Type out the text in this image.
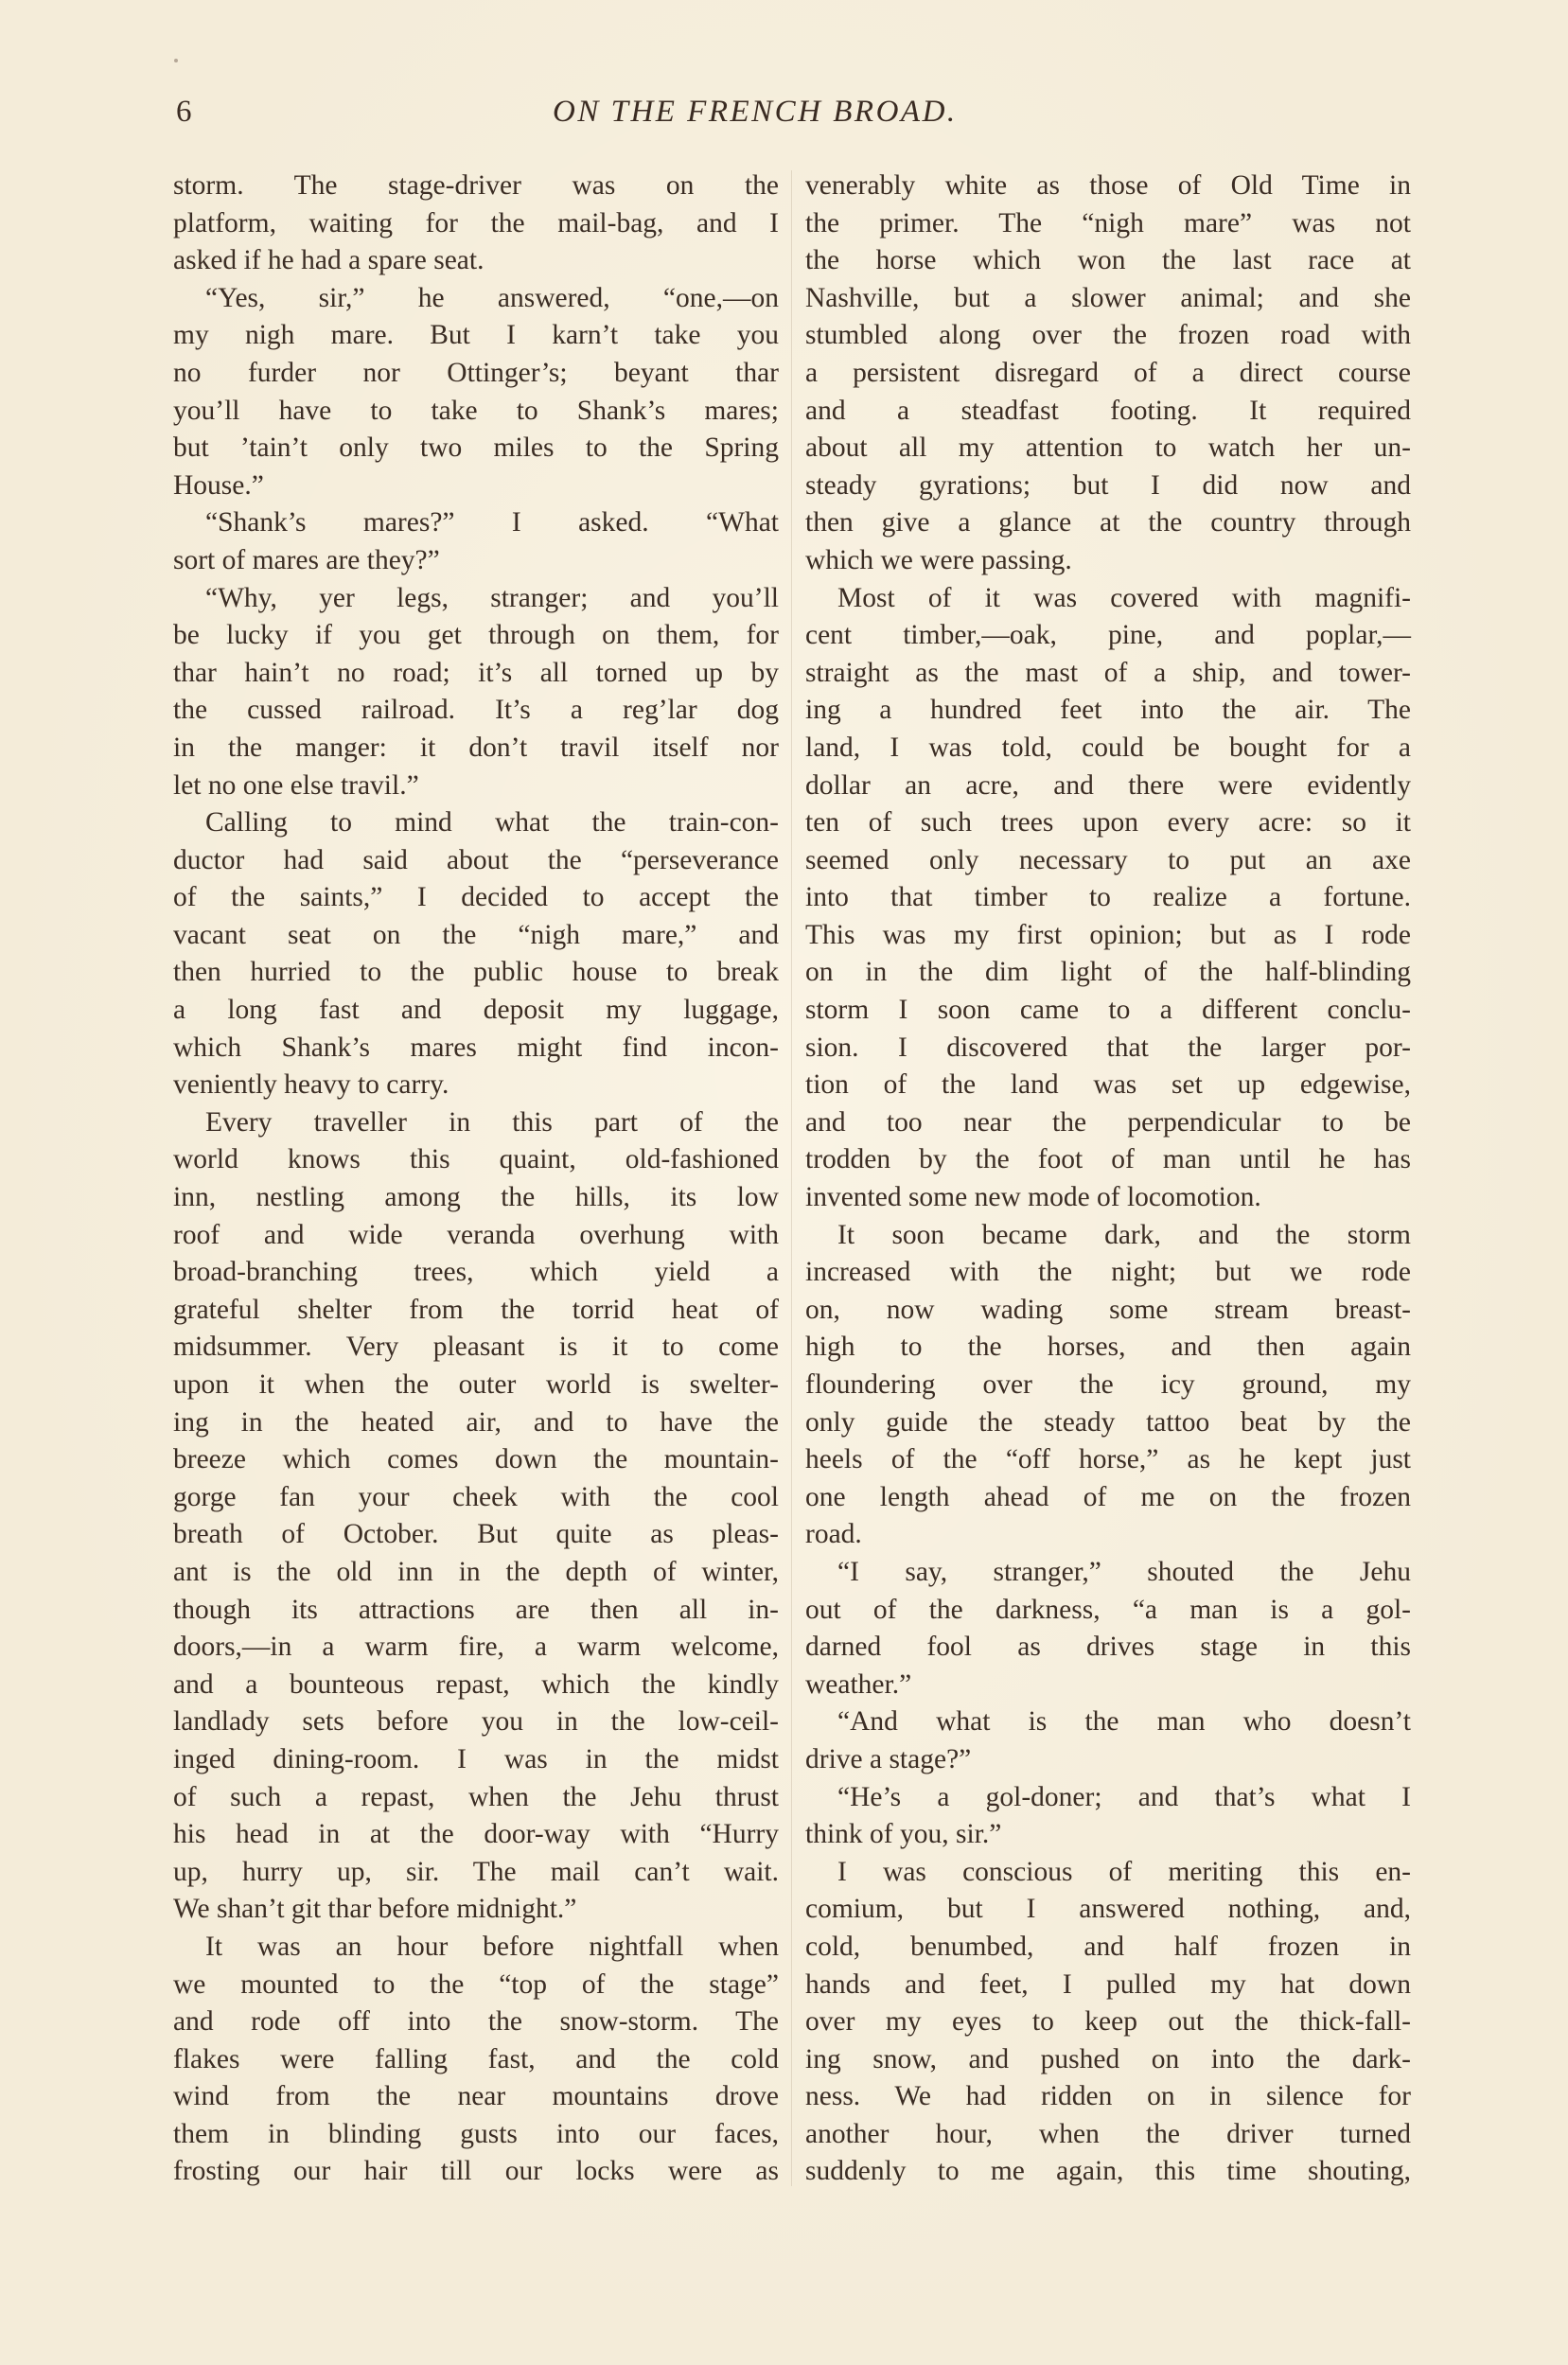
6	ON THE FRENCH BROAD.
storm. The stage-driver was on the
platform, waiting for the mail-bag, and I
asked if he had a spare seat.
“Yes, sir,” he answered, “one,—on
my nigh mare. But I karn’t take you
no furder nor Ottinger’s; beyant thar
you’ll have to take to Shank’s mares;
but ’tain’t only two miles to the Spring
House.”
“Shank’s mares?” I asked. “What
sort of mares are they?”
“Why, yer legs, stranger; and you’ll
be lucky if you get through on them, for
thar hain’t no road; it’s all torned up by
the cussed railroad. It’s a reg’lar dog
in the manger: it don’t travil itself nor
let no one else travil.”
Calling to mind what the train-con-
ductor had said about the “perseverance
of the saints,” I decided to accept the
vacant seat on the “nigh mare,” and
then hurried to the public house to break
a long fast and deposit my luggage,
which Shank’s mares might find incon-
veniently heavy to carry.
Every traveller in this part of the
world knows this quaint, old-fashioned
inn, nestling among the hills, its low
roof and wide veranda overhung with
broad-branching trees, which yield a
grateful shelter from the torrid heat of
midsummer. Very pleasant is it to come
upon it when the outer world is swelter-
ing in the heated air, and to have the
breeze which comes down the mountain-
gorge fan your cheek with the cool
breath of October. But quite as pleas-
ant is the old inn in the depth of winter,
though its attractions are then all in-
doors,—in a warm fire, a warm welcome,
and a bounteous repast, which the kindly
landlady sets before you in the low-ceil-
inged dining-room. I was in the midst
of such a repast, when the Jehu thrust
his head in at the door-way with “Hurry
up, hurry up, sir. The mail can’t wait.
We shan’t git thar before midnight.”
It was an hour before nightfall when
we mounted to the “top of the stage”
and rode off into the snow-storm. The
flakes were falling fast, and the cold
wind from the near mountains drove
them in blinding gusts into our faces,
frosting our hair till our locks were as
venerably white as those of Old Time in
the primer. The “nigh mare” was not
the horse which won the last race at
Nashville, but a slower animal; and she
stumbled along over the frozen road with
a persistent disregard of a direct course
and a steadfast footing. It required
about all my attention to watch her un-
steady gyrations; but I did now and
then give a glance at the country through
which we were passing.
Most of it was covered with magnifi-
cent timber,—oak, pine, and poplar,—
straight as the mast of a ship, and tower-
ing a hundred feet into the air. The
land, I was told, could be bought for a
dollar an acre, and there were evidently
ten of such trees upon every acre: so it
seemed only necessary to put an axe
into that timber to realize a fortune.
This was my first opinion; but as I rode
on in the dim light of the half-blinding
storm I soon came to a different conclu-
sion. I discovered that the larger por-
tion of the land was set up edgewise,
and too near the perpendicular to be
trodden by the foot of man until he has
invented some new mode of locomotion.
It soon became dark, and the storm
increased with the night; but we rode
on, now wading some stream breast-
high to the horses, and then again
floundering over the icy ground, my
only guide the steady tattoo beat by the
heels of the “off horse,” as he kept just
one length ahead of me on the frozen
road.
“I say, stranger,” shouted the Jehu
out of the darkness, “a man is a gol-
darned fool as drives stage in this
weather.”
“And what is the man who doesn’t
drive a stage?”
“He’s a gol-doner; and that’s what I
think of you, sir.”
I was conscious of meriting this en-
comium, but I answered nothing, and,
cold, benumbed, and half frozen in
hands and feet, I pulled my hat down
over my eyes to keep out the thick-fall-
ing snow, and pushed on into the dark-
ness. We had ridden on in silence for
another hour, when the driver turned
suddenly to me again, this time shouting,
